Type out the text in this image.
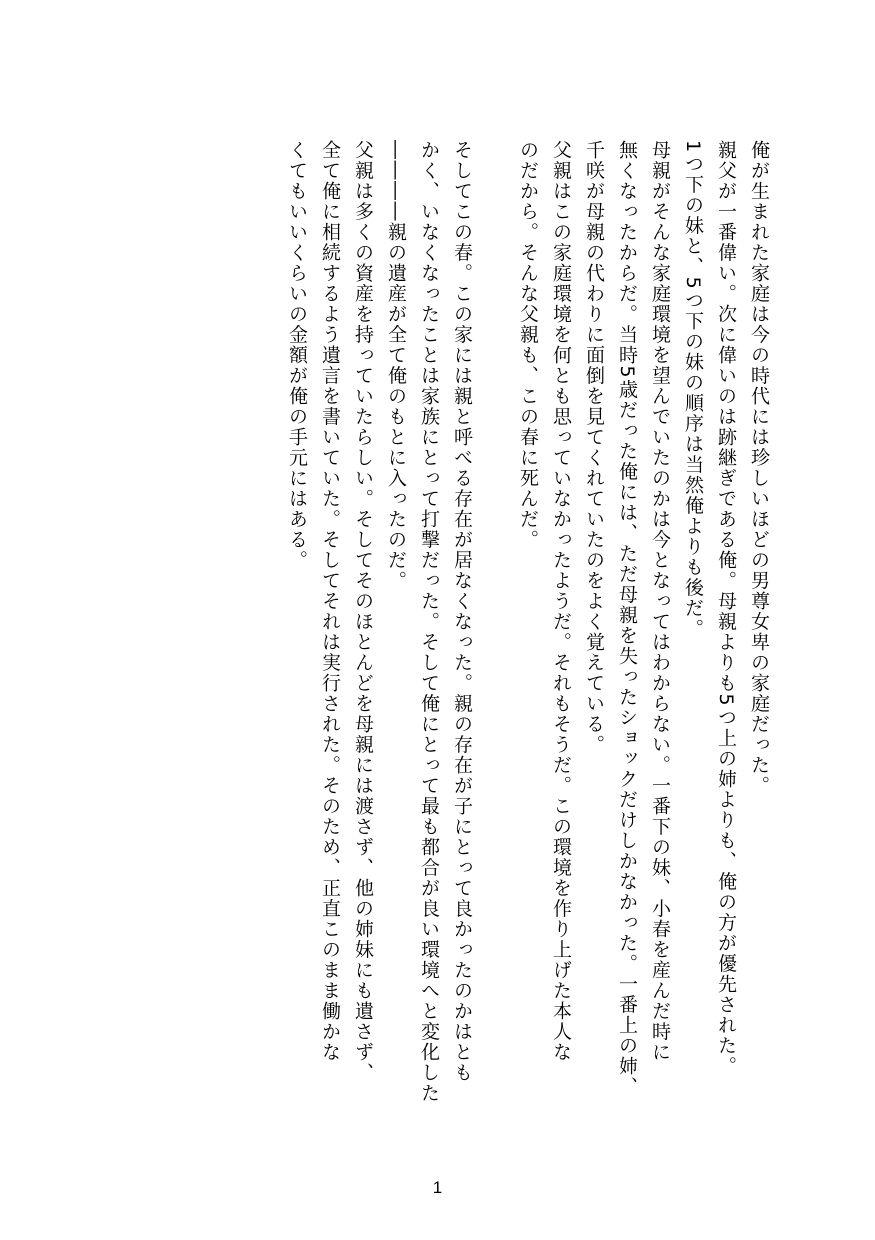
俺が生まれた家庭は今の時代には珍しいほどの男尊女卑の家庭だった。
親父が一番偉い。次に偉いのは跡継ぎである俺。母親よりも5つ上の姉よりも、俺の方が優先された。
1つ下の妹と、5つ下の妹の順序は当然俺よりも後だ。
母親がそんな家庭環境を望んでいたのかは今となってはわからない。一番下の妹、小春を産んだ時に
無くなったからだ。当時5歳だった俺には、ただ母親を失ったショックだけしかなかった。一番上の姉、
千咲が母親の代わりに面倒を見てくれていたのをよく覚えている。
父親はこの家庭環境を何とも思っていなかったようだ。それもそうだ。この環境を作り上げた本人な
のだから。そんな父親も、この春に死んだ。
そしてこの春。この家には親と呼べる存在が居なくなった。親の存在が子にとって良かったのかはとも
かく、いなくなったことは家族にとって打撃だった。そして俺にとって最も都合が良い環境へと変化した
――――親の遺産が全て俺のもとに入ったのだ。
父親は多くの資産を持っていたらしい。そしてそのほとんどを母親には渡さず、他の姉妹にも遺さず、
全て俺に相続するよう遺言を書いていた。そしてそれは実行された。そのため、正直このまま働かな
くてもいいくらいの金額が俺の手元にはある。
1
